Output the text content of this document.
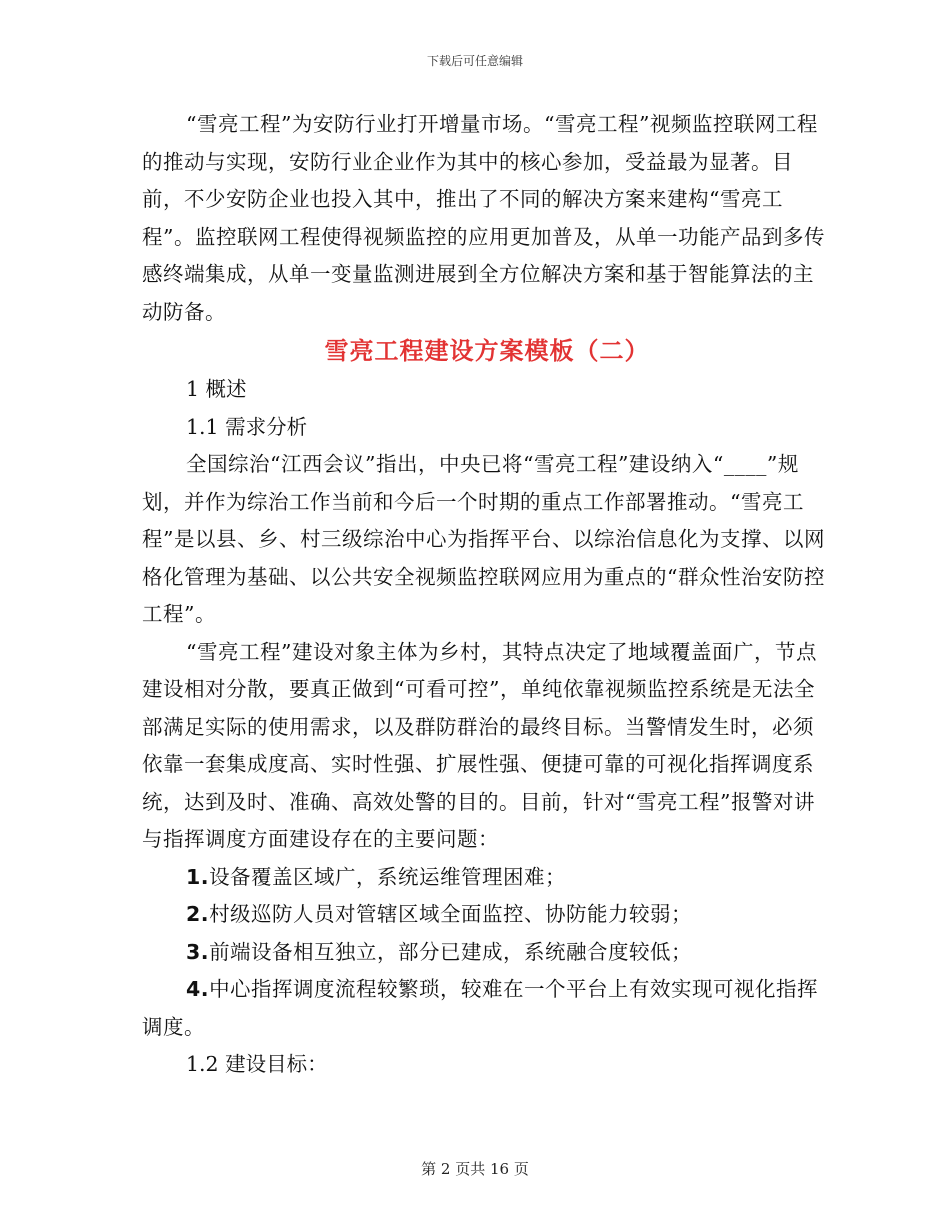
下载后可任意编辑

“雪亮工程”为安防行业打开增量市场。“雪亮工程”视频监控联网工程的推动与实现，安防行业企业作为其中的核心参加，受益最为显著。目前，不少安防企业也投入其中，推出了不同的解决方案来建构“雪亮工程”。监控联网工程使得视频监控的应用更加普及，从单一功能产品到多传感终端集成，从单一变量监测进展到全方位解决方案和基于智能算法的主动防备。

雪亮工程建设方案模板（二）

1 概述

1.1 需求分析

全国综治“江西会议”指出，中央已将“雪亮工程”建设纳入“____”规划，并作为综治工作当前和今后一个时期的重点工作部署推动。“雪亮工程”是以县、乡、村三级综治中心为指挥平台、以综治信息化为支撑、以网格化管理为基础、以公共安全视频监控联网应用为重点的“群众性治安防控工程”。

“雪亮工程”建设对象主体为乡村，其特点决定了地域覆盖面广，节点建设相对分散，要真正做到“可看可控”，单纯依靠视频监控系统是无法全部满足实际的使用需求，以及群防群治的最终目标。当警情发生时，必须依靠一套集成度高、实时性强、扩展性强、便捷可靠的可视化指挥调度系统，达到及时、准确、高效处警的目的。目前，针对“雪亮工程”报警对讲与指挥调度方面建设存在的主要问题：

1.设备覆盖区域广，系统运维管理困难；

2.村级巡防人员对管辖区域全面监控、协防能力较弱；

3.前端设备相互独立，部分已建成，系统融合度较低；

4.中心指挥调度流程较繁琐，较难在一个平台上有效实现可视化指挥调度。

1.2 建设目标：

第 2 页共 16 页
